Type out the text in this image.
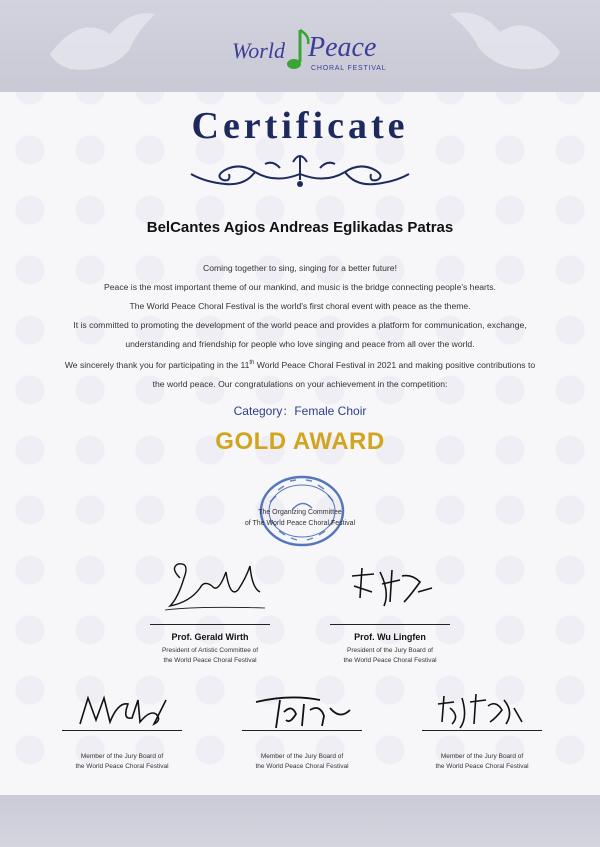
World Peace
CHORAL FESTIVAL
Certificate
BelCantes Agios Andreas Eglikadas Patras

Coming together to sing, singing for a better future!

Peace is the most important theme of our mankind, and music is the bridge connecting people's hearts.

The World Peace Choral Festival is the world's first choral event with peace as the theme.

It is committed to promoting the development of the world peace and provides a platform for communication, exchange,

understanding and friendship for people who love singing and peace from all over the world.

We sincerely thank you for participating in the 11th World Peace Choral Festival in 2021 and making positive contributions to

the world peace. Our congratulations on your achievement in the competition:

Category：Female Choir
GOLD AWARD
The Organizing Committee
of The World Peace Choral Festival
Prof. Gerald Wirth
President of Artistic Committee of
the World Peace Choral Festival
Prof. Wu Lingfen
President of the Jury Board of
the World Peace Choral Festival
Member of the Jury Board of
the World Peace Choral Festival
Member of the Jury Board of
the World Peace Choral Festival
Member of the Jury Board of
the World Peace Choral Festival
